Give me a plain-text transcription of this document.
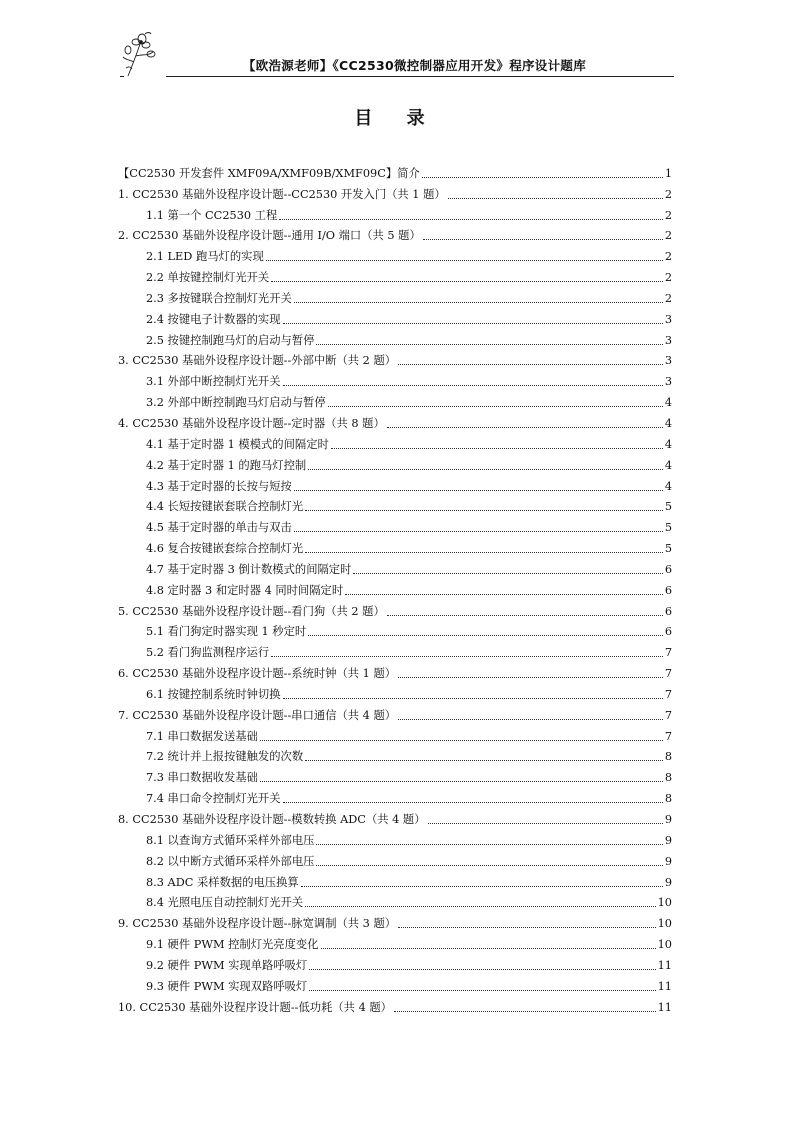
【欧浩源老师】《CC2530微控制器应用开发》程序设计题库
目 录
【CC2530 开发套件 XMF09A/XMF09B/XMF09C】简介	1
1. CC2530 基础外设程序设计题--CC2530 开发入门（共 1 题）	2
1.1 第一个 CC2530 工程	2
2. CC2530 基础外设程序设计题--通用 I/O 端口（共 5 题）	2
2.1 LED 跑马灯的实现	2
2.2 单按键控制灯光开关	2
2.3 多按键联合控制灯光开关	2
2.4 按键电子计数器的实现	3
2.5 按键控制跑马灯的启动与暂停	3
3. CC2530 基础外设程序设计题--外部中断（共 2 题）	3
3.1 外部中断控制灯光开关	3
3.2 外部中断控制跑马灯启动与暂停	4
4. CC2530 基础外设程序设计题--定时器（共 8 题）	4
4.1 基于定时器 1 模模式的间隔定时	4
4.2 基于定时器 1 的跑马灯控制	4
4.3 基于定时器的长按与短按	4
4.4 长短按键嵌套联合控制灯光	5
4.5 基于定时器的单击与双击	5
4.6 复合按键嵌套综合控制灯光	5
4.7 基于定时器 3 倒计数模式的间隔定时	6
4.8 定时器 3 和定时器 4 同时间隔定时	6
5. CC2530 基础外设程序设计题--看门狗（共 2 题）	6
5.1 看门狗定时器实现 1 秒定时	6
5.2 看门狗监测程序运行	7
6. CC2530 基础外设程序设计题--系统时钟（共 1 题）	7
6.1 按键控制系统时钟切换	7
7. CC2530 基础外设程序设计题--串口通信（共 4 题）	7
7.1 串口数据发送基础	7
7.2 统计并上报按键触发的次数	8
7.3 串口数据收发基础	8
7.4 串口命令控制灯光开关	8
8. CC2530 基础外设程序设计题--模数转换 ADC（共 4 题）	9
8.1 以查询方式循环采样外部电压	9
8.2 以中断方式循环采样外部电压	9
8.3 ADC 采样数据的电压换算	9
8.4 光照电压自动控制灯光开关	10
9. CC2530 基础外设程序设计题--脉宽调制（共 3 题）	10
9.1 硬件 PWM 控制灯光亮度变化	10
9.2 硬件 PWM 实现单路呼吸灯	11
9.3 硬件 PWM 实现双路呼吸灯	11
10. CC2530 基础外设程序设计题--低功耗（共 4 题）	11
